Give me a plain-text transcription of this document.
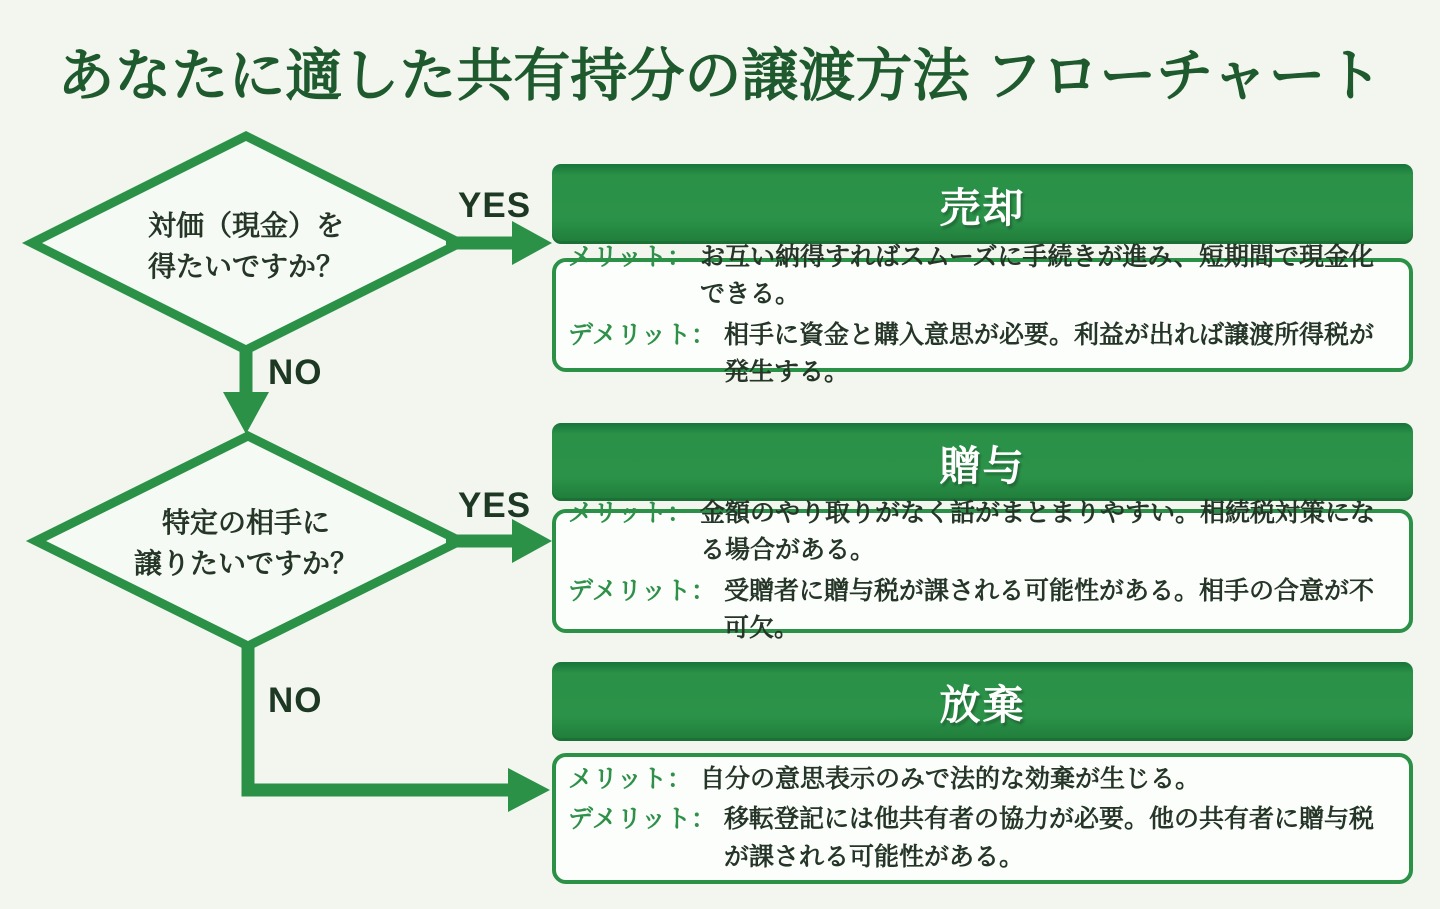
あなたに適した共有持分の譲渡方法 フローチャート
対価（現金）を
得たいですか？
YES
NO
特定の相手に
譲りたいですか？
YES
NO
売却
メリット： お互い納得すればスムーズに手続きが進み、短期間で現金化できる。
デメリット： 相手に資金と購入意思が必要。利益が出れば譲渡所得税が発生する。
贈与
メリット： 金額のやり取りがなく話がまとまりやすい。相続税対策になる場合がある。
デメリット： 受贈者に贈与税が課される可能性がある。相手の合意が不可欠。
放棄
メリット： 自分の意思表示のみで法的な効棄が生じる。
デメリット： 移転登記には他共有者の協力が必要。他の共有者に贈与税が課される可能性がある。
